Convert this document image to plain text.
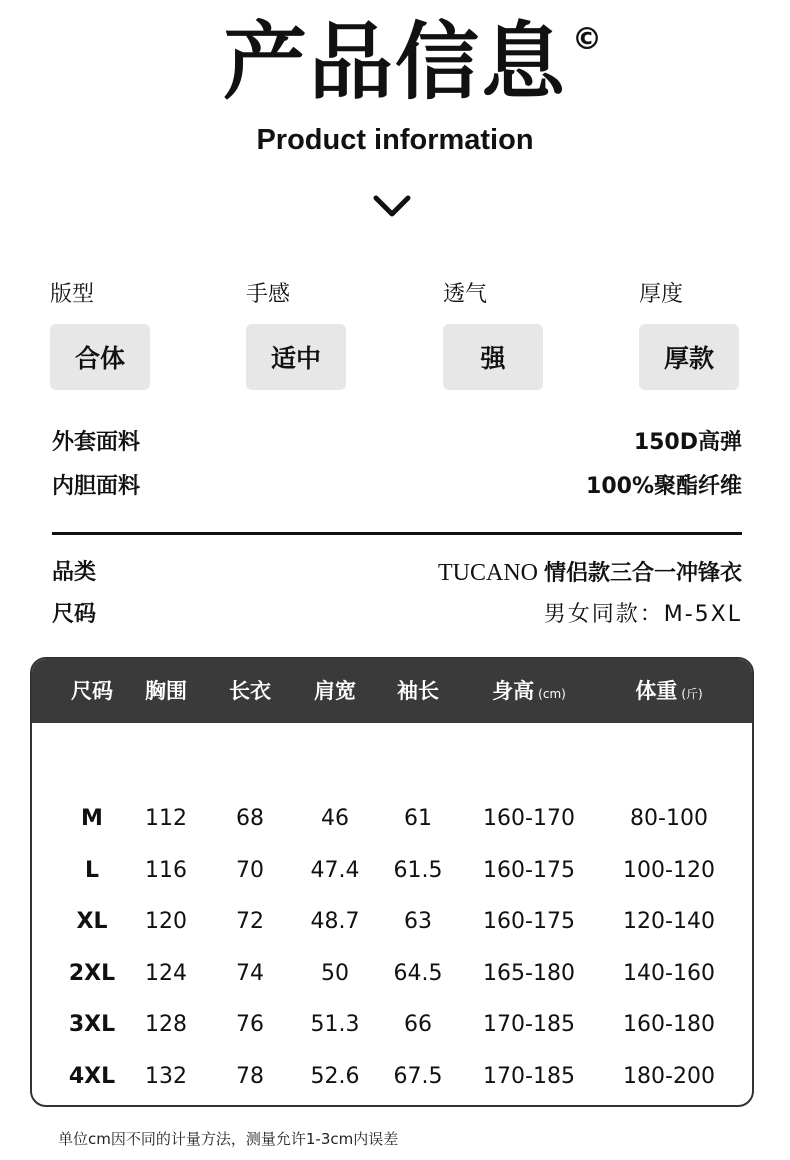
产品信息 ©
Product information
版型
合体
手感
适中
透气
强
厚度
厚款
外套面料	150D高弹
内胆面料	100%聚酯纤维
品类	TUCANO 情侣款三合一冲锋衣
尺码	男女同款：M-5XL
尺码 胸围 长衣 肩宽 袖长	身高 (cm)	体重 (斤)
M 112 68	46	61 160-170	80-100
L 116 70 47.4 61.5 160-175 100-120
XL 120 72 48.7 63 160-175 120-140
2XL 124 74	50 64.5 165-180 140-160
3XL 128 76 51.3 66 170-185 160-180
4XL 132 78 52.6 67.5 170-185 180-200
单位cm因不同的计量方法，测量允许1-3cm内误差
